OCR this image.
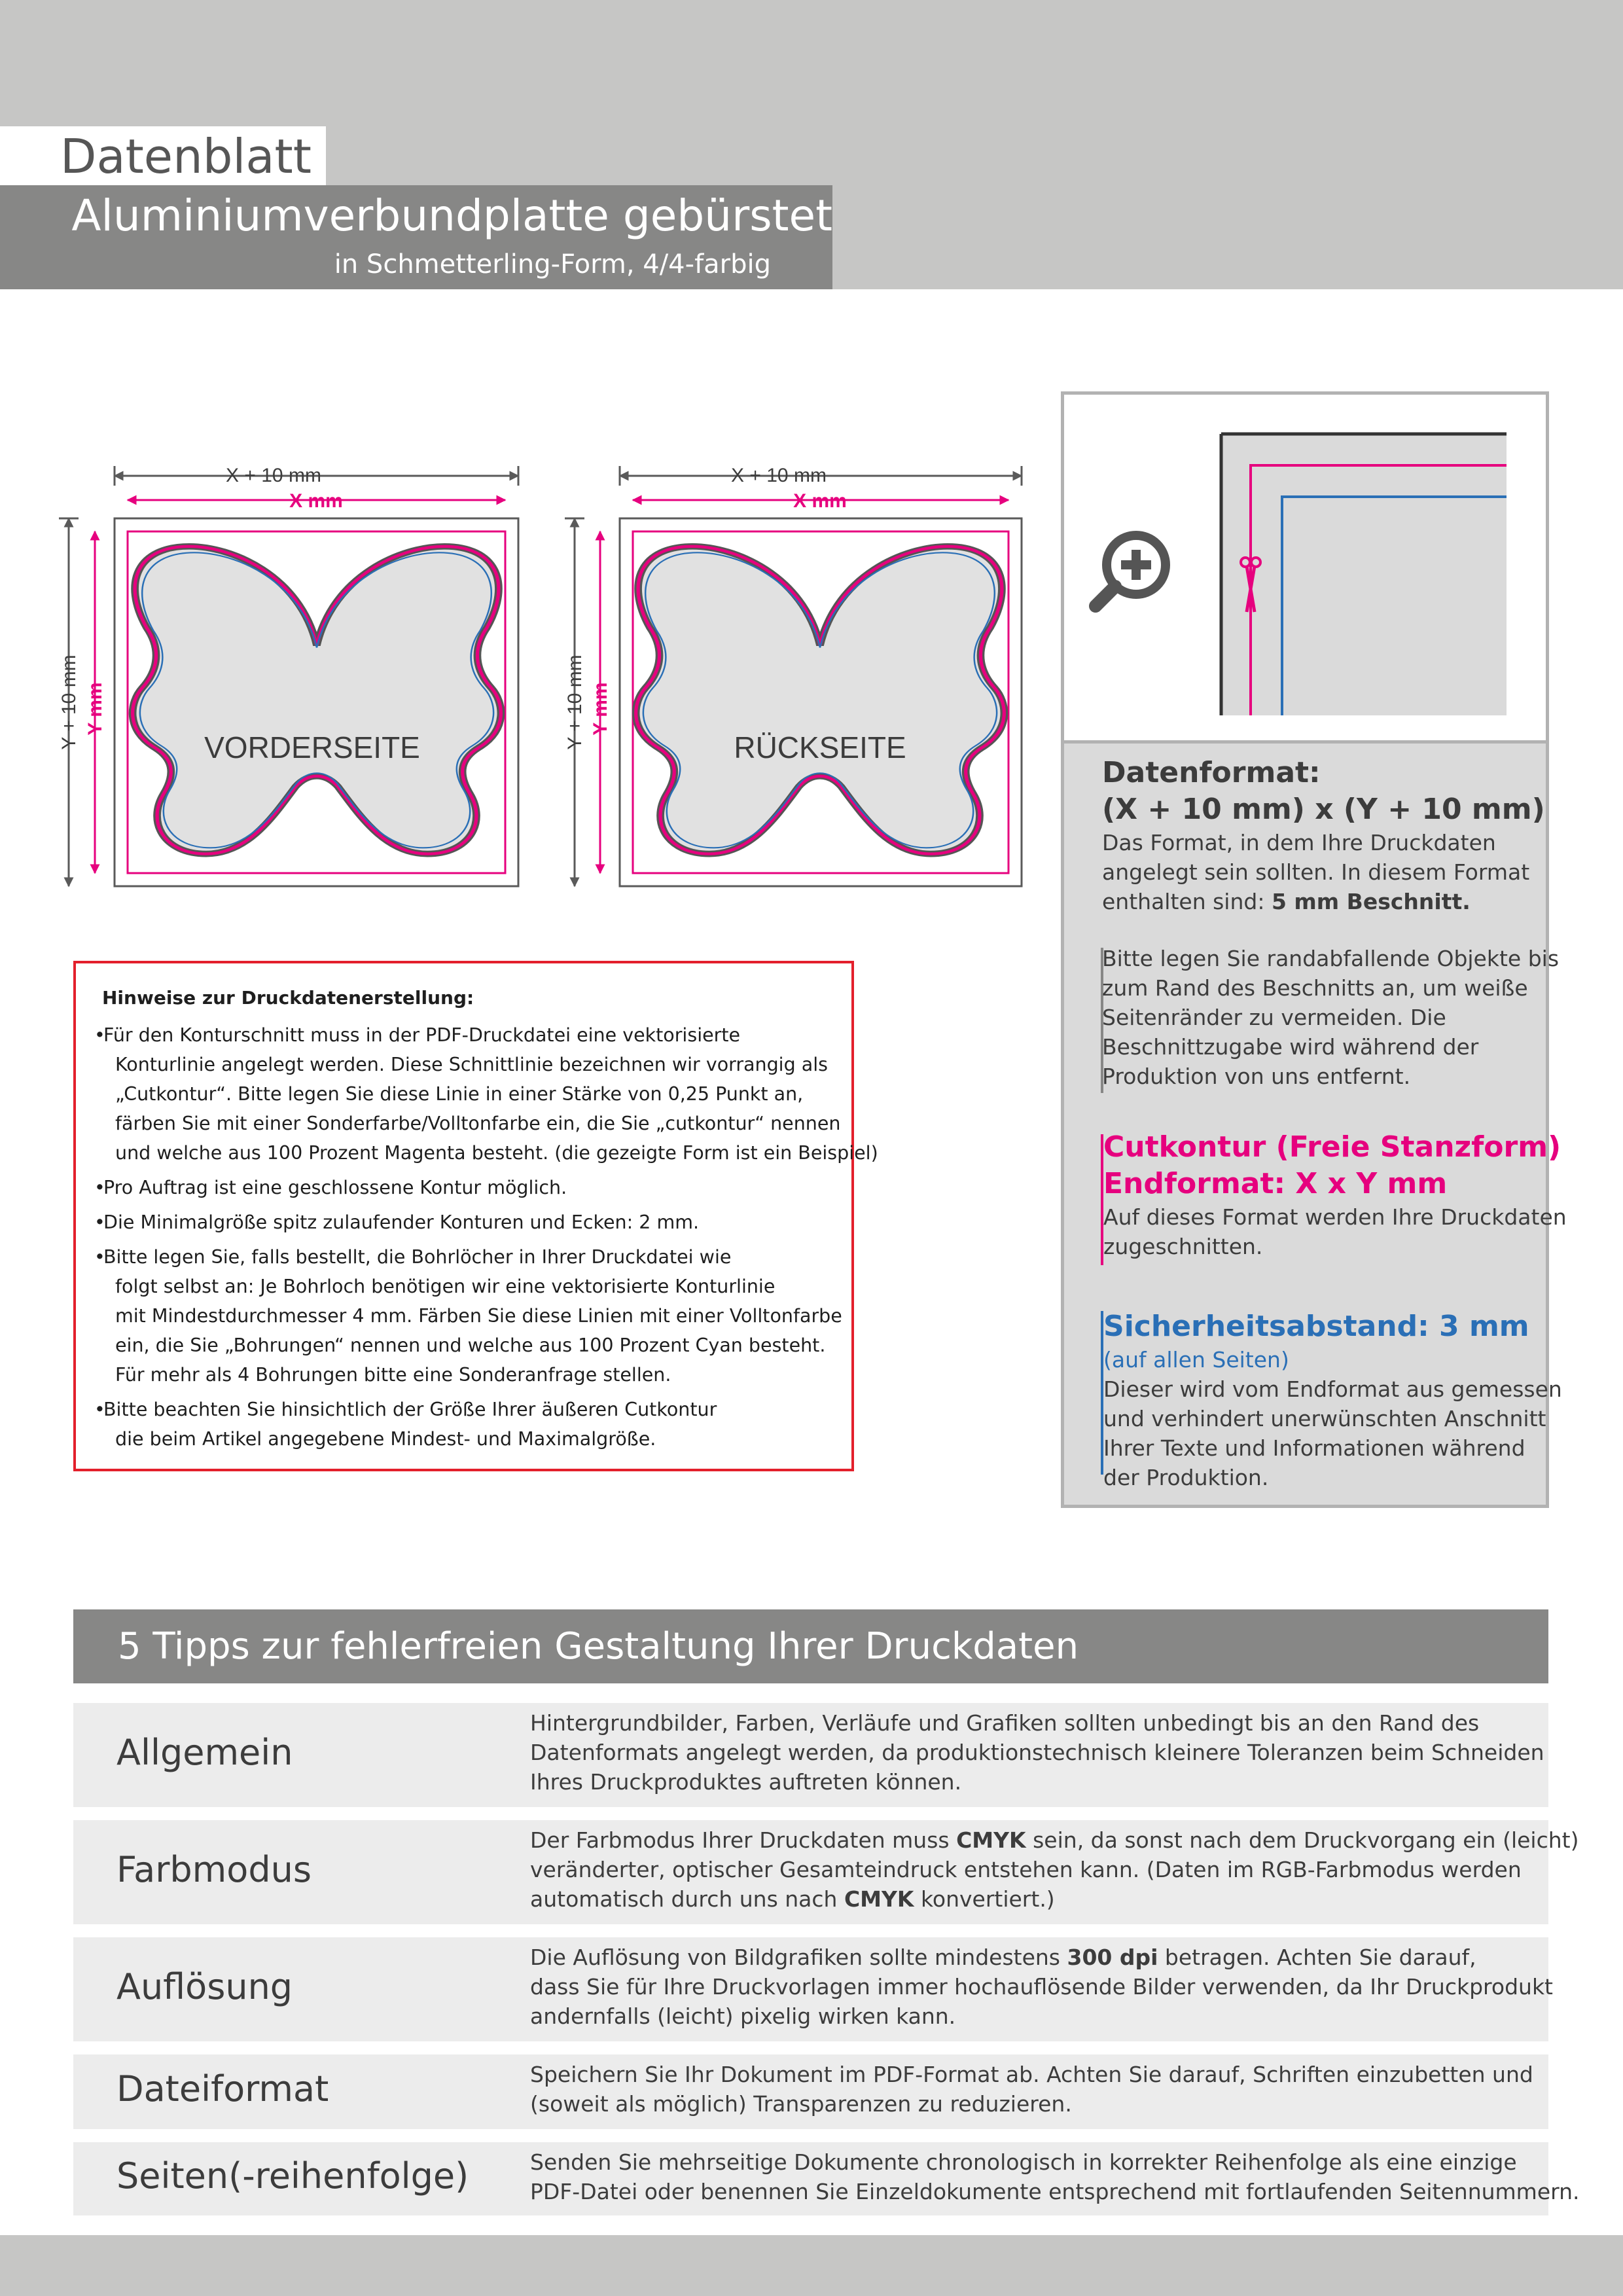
Datenblatt
Aluminiumverbundplatte gebürstet
in Schmetterling-Form, 4/4-farbig
X + 10 mm
X mm
Y + 10 mm Y mm
VORDERSEITE
X + 10 mm
X mm
Y + 10 mm Y mm
RÜCKSEITE
Hinweise zur Druckdatenerstellung:
•Für den Konturschnitt muss in der PDF-Druckdatei eine vektorisierte

Konturlinie angelegt werden. Diese Schnittlinie bezeichnen wir vorrangig als
„Cutkontur“. Bitte legen Sie diese Linie in einer Stärke von 0,25 Punkt an,
färben Sie mit einer Sonderfarbe/Volltonfarbe ein, die Sie „cutkontur“ nennen
und welche aus 100 Prozent Magenta besteht. (die gezeigte Form ist ein Beispiel)
•Pro Auftrag ist eine geschlossene Kontur möglich.

•Die Minimalgröße spitz zulaufender Konturen und Ecken: 2 mm.

•Bitte legen Sie, falls bestellt, die Bohrlöcher in Ihrer Druckdatei wie

folgt selbst an: Je Bohrloch benötigen wir eine vektorisierte Konturlinie
mit Mindestdurchmesser 4 mm. Färben Sie diese Linien mit einer Volltonfarbe
ein, die Sie „Bohrungen“ nennen und welche aus 100 Prozent Cyan besteht.
Für mehr als 4 Bohrungen bitte eine Sonderanfrage stellen.
•Bitte beachten Sie hinsichtlich der Größe Ihrer äußeren Cutkontur

die beim Artikel angegebene Mindest- und Maximalgröße.
Datenformat:
(X + 10 mm) x (Y + 10 mm)
Das Format, in dem Ihre Druckdaten
angelegt sein sollten. In diesem Format
enthalten sind: 5 mm Beschnitt.
Bitte legen Sie randabfallende Objekte bis
zum Rand des Beschnitts an, um weiße
Seitenränder zu vermeiden. Die
Beschnittzugabe wird während der
Produktion von uns entfernt.
Cutkontur (Freie Stanzform)
Endformat: X x Y mm
Auf dieses Format werden Ihre Druckdaten
zugeschnitten.
Sicherheitsabstand: 3 mm
(auf allen Seiten)
Dieser wird vom Endformat aus gemessen
und verhindert unerwünschten Anschnitt
Ihrer Texte und Informationen während
der Produktion.
5 Tipps zur fehlerfreien Gestaltung Ihrer Druckdaten
Allgemein
Hintergrundbilder, Farben, Verläufe und Grafiken sollten unbedingt bis an den Rand des
Datenformats angelegt werden, da produktionstechnisch kleinere Toleranzen beim Schneiden
Ihres Druckproduktes auftreten können.
Farbmodus
Der Farbmodus Ihrer Druckdaten muss CMYK sein, da sonst nach dem Druckvorgang ein (leicht)
veränderter, optischer Gesamteindruck entstehen kann. (Daten im RGB-Farbmodus werden
automatisch durch uns nach CMYK konvertiert.)
Auflösung
Die Auflösung von Bildgrafiken sollte mindestens 300 dpi betragen. Achten Sie darauf,
dass Sie für Ihre Druckvorlagen immer hochauflösende Bilder verwenden, da Ihr Druckprodukt
andernfalls (leicht) pixelig wirken kann.
Dateiformat	Speichern Sie Ihr Dokument im PDF-Format ab. Achten Sie darauf, Schriften einzubetten und
(soweit als möglich) Transparenzen zu reduzieren.
Seiten(-reihenfolge)	Senden Sie mehrseitige Dokumente chronologisch in korrekter Reihenfolge als eine einzige
PDF-Datei oder benennen Sie Einzeldokumente entsprechend mit fortlaufenden Seitennummern.
